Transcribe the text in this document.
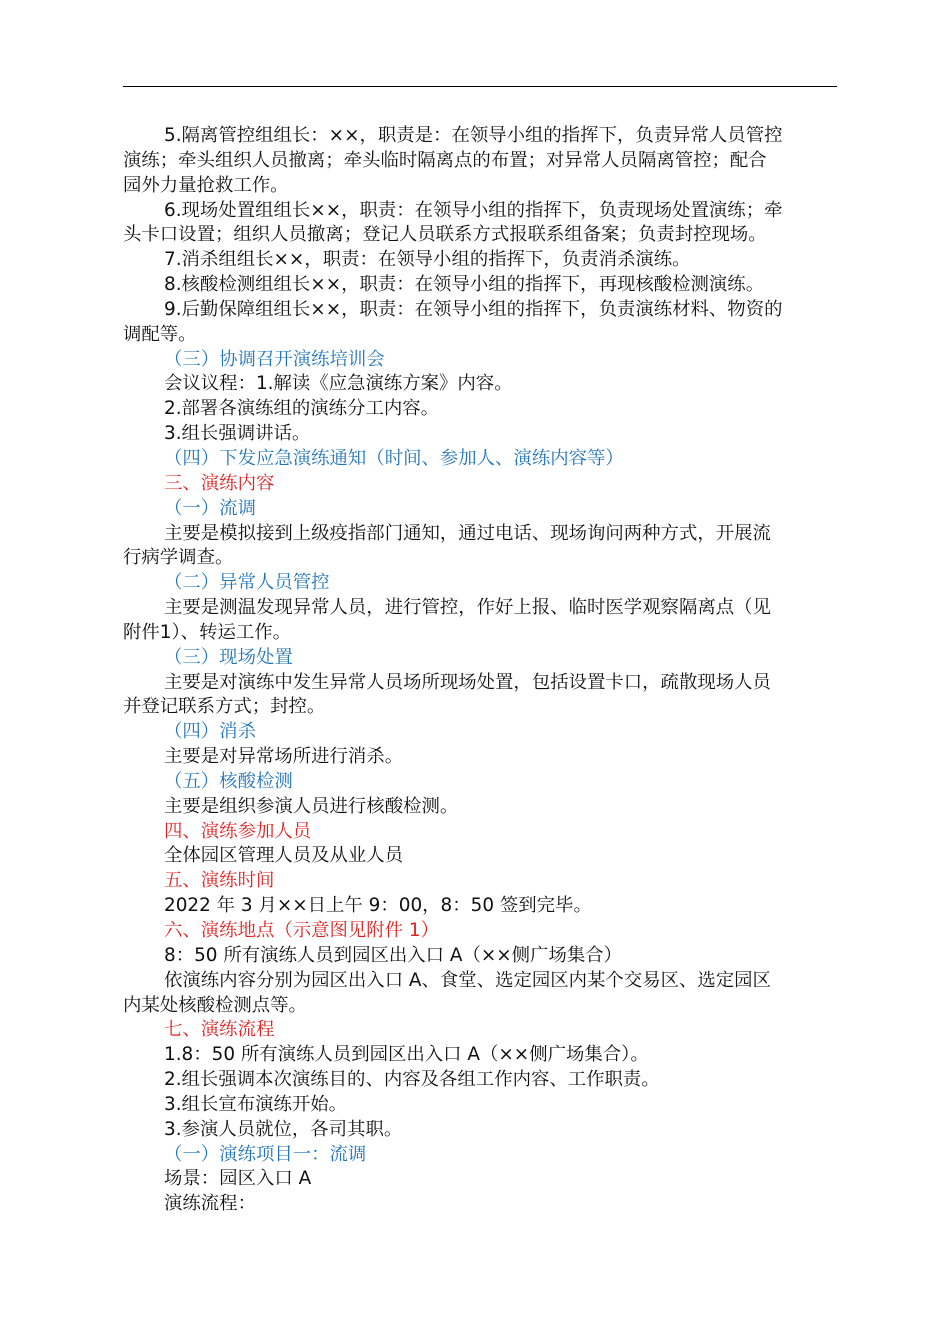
5.隔离管控组组长：××，职责是：在领导小组的指挥下，负责异常人员管控
演练；牵头组织人员撤离；牵头临时隔离点的布置；对异常人员隔离管控；配合
园外力量抢救工作。
6.现场处置组组长××，职责：在领导小组的指挥下，负责现场处置演练；牵
头卡口设置；组织人员撤离；登记人员联系方式报联系组备案；负责封控现场。
7.消杀组组长××，职责：在领导小组的指挥下，负责消杀演练。
8.核酸检测组组长××，职责：在领导小组的指挥下，再现核酸检测演练。
9.后勤保障组组长××，职责：在领导小组的指挥下，负责演练材料、物资的
调配等。
（三）协调召开演练培训会
会议议程：1.解读《应急演练方案》内容。
2.部署各演练组的演练分工内容。
3.组长强调讲话。
（四）下发应急演练通知（时间、参加人、演练内容等）
三、演练内容
（一）流调
主要是模拟接到上级疫指部门通知，通过电话、现场询问两种方式，开展流
行病学调查。
（二）异常人员管控
主要是测温发现异常人员，进行管控，作好上报、临时医学观察隔离点（见
附件1）、转运工作。
（三）现场处置
主要是对演练中发生异常人员场所现场处置，包括设置卡口，疏散现场人员
并登记联系方式；封控。
（四）消杀
主要是对异常场所进行消杀。
（五）核酸检测
主要是组织参演人员进行核酸检测。
四、演练参加人员
全体园区管理人员及从业人员
五、演练时间
2022 年 3 月××日上午 9：00，8：50 签到完毕。
六、演练地点（示意图见附件 1）
8：50 所有演练人员到园区出入口 A（××侧广场集合）
依演练内容分别为园区出入口 A、食堂、选定园区内某个交易区、选定园区
内某处核酸检测点等。
七、演练流程
1.8：50 所有演练人员到园区出入口 A（××侧广场集合）。
2.组长强调本次演练目的、内容及各组工作内容、工作职责。
3.组长宣布演练开始。
3.参演人员就位，各司其职。
（一）演练项目一：流调
场景：园区入口 A
演练流程：
